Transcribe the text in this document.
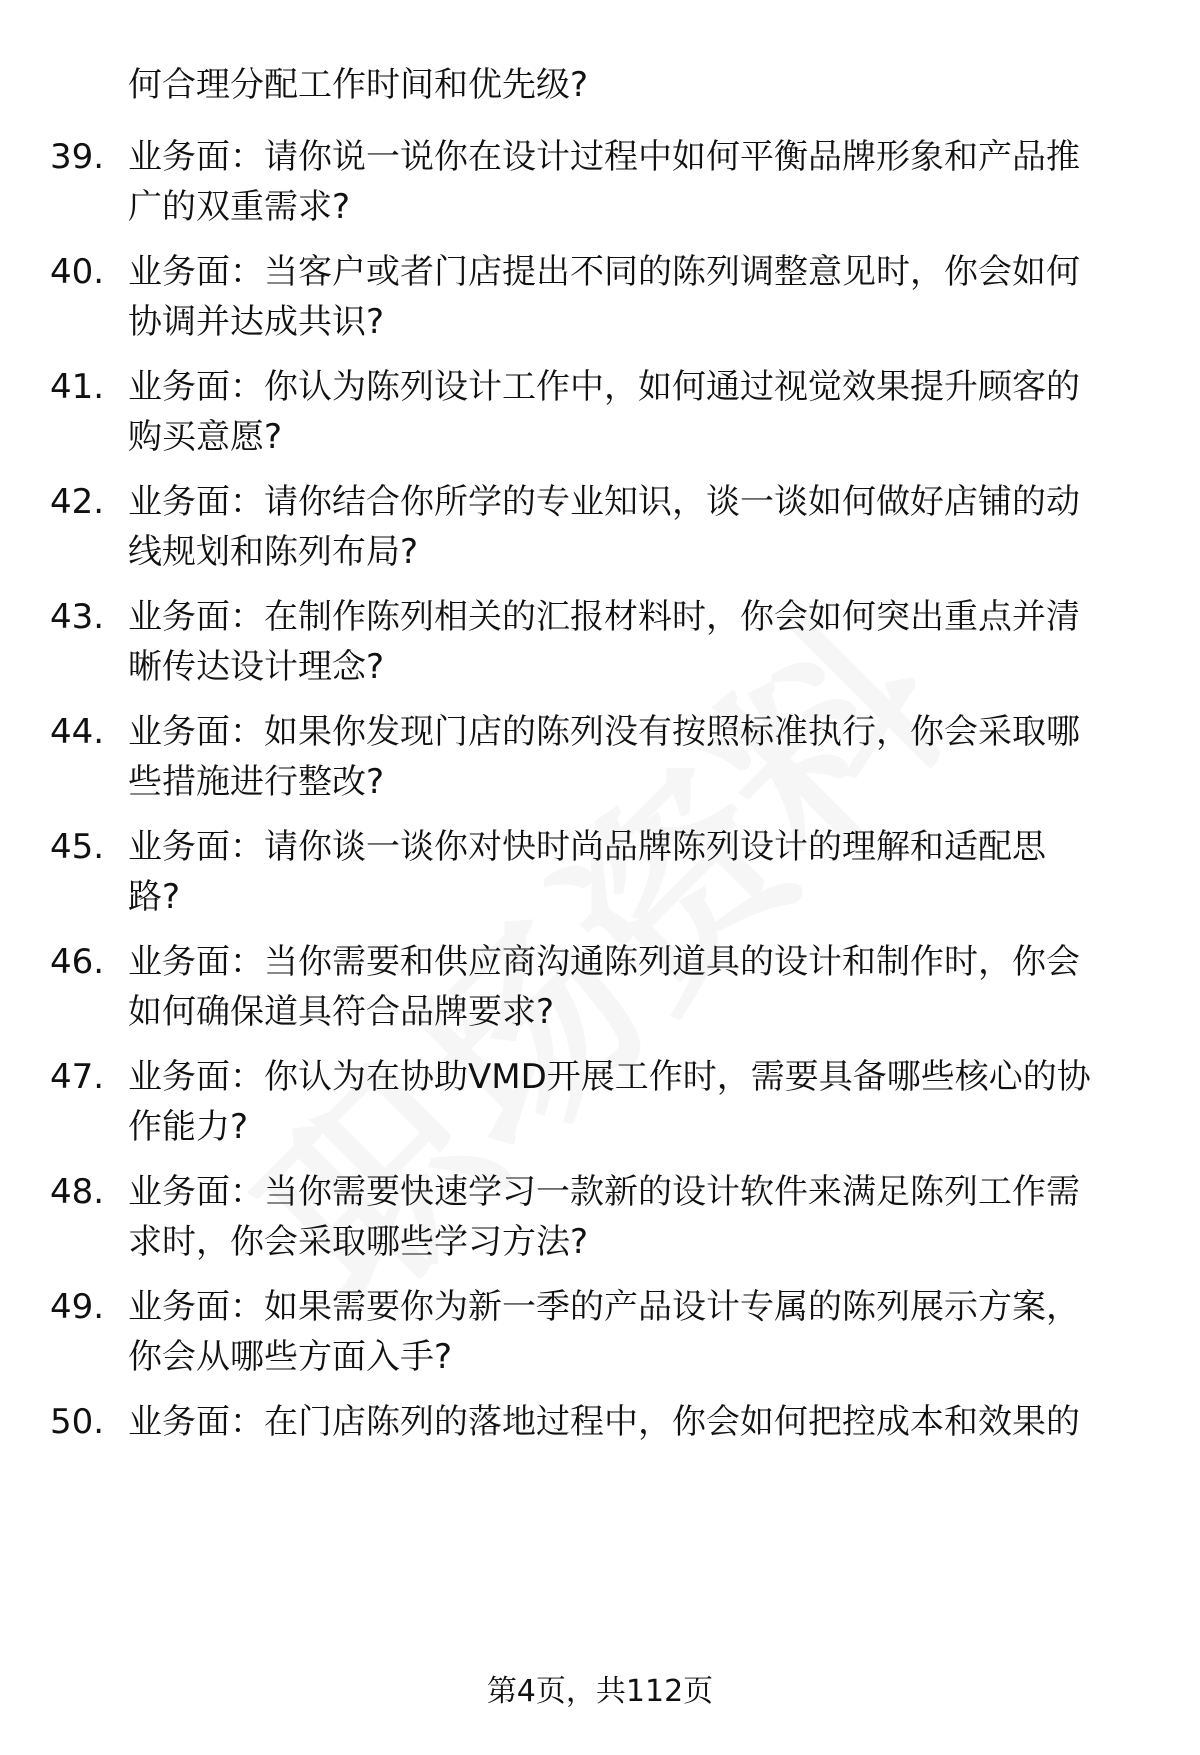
何合理分配工作时间和优先级?
39. 业务面：请你说一说你在设计过程中如何平衡品牌形象和产品推
广的双重需求?
40. 业务面：当客户或者门店提出不同的陈列调整意见时，你会如何
协调并达成共识?
41. 业务面：你认为陈列设计工作中，如何通过视觉效果提升顾客的
购买意愿?
42. 业务面：请你结合你所学的专业知识，谈一谈如何做好店铺的动
线规划和陈列布局?
43. 业务面：在制作陈列相关的汇报材料时，你会如何突出重点并清
晰传达设计理念?
44. 业务面：如果你发现门店的陈列没有按照标准执行，你会采取哪
些措施进行整改?
45. 业务面：请你谈一谈你对快时尚品牌陈列设计的理解和适配思
路?
46. 业务面：当你需要和供应商沟通陈列道具的设计和制作时，你会
如何确保道具符合品牌要求?
47. 业务面：你认为在协助VMD开展工作时，需要具备哪些核心的协
作能力?
48. 业务面：当你需要快速学习一款新的设计软件来满足陈列工作需
求时，你会采取哪些学习方法?
49. 业务面：如果需要你为新一季的产品设计专属的陈列展示方案，
你会从哪些方面入手?
50. 业务面：在门店陈列的落地过程中，你会如何把控成本和效果的
第4页，共112页
